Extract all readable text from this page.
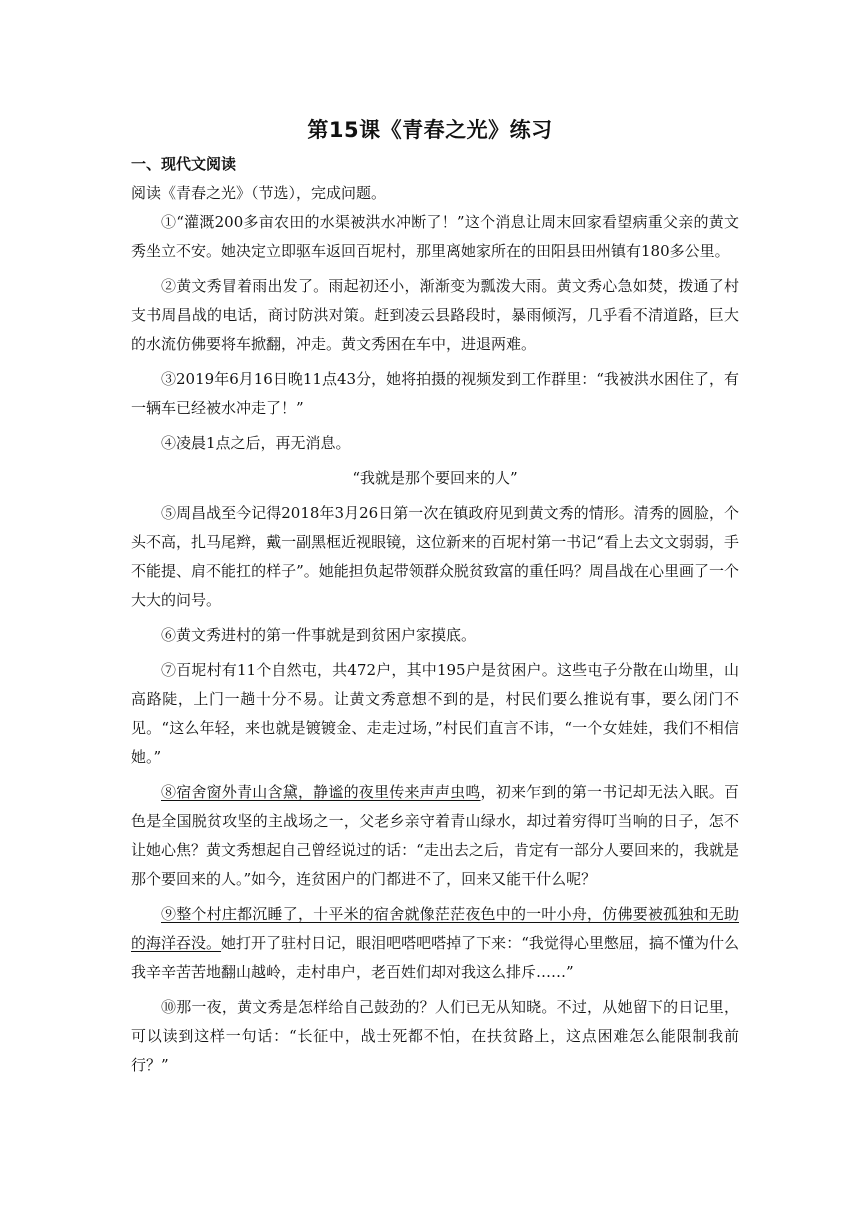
第15课《青春之光》练习
一、现代文阅读
阅读《青春之光》（节选），完成问题。

①“灌溉200多亩农田的水渠被洪水冲断了！”这个消息让周末回家看望病重父亲的黄文秀坐立不安。她决定立即驱车返回百坭村，那里离她家所在的田阳县田州镇有180多公里。

②黄文秀冒着雨出发了。雨起初还小，渐渐变为瓢泼大雨。黄文秀心急如焚，拨通了村支书周昌战的电话，商讨防洪对策。赶到凌云县路段时，暴雨倾泻，几乎看不清道路，巨大的水流仿佛要将车掀翻，冲走。黄文秀困在车中，进退两难。

③2019年6月16日晚11点43分，她将拍摄的视频发到工作群里：“我被洪水困住了，有一辆车已经被水冲走了！”

④凌晨1点之后，再无消息。

“我就是那个要回来的人”

⑤周昌战至今记得2018年3月26日第一次在镇政府见到黄文秀的情形。清秀的圆脸，个头不高，扎马尾辫，戴一副黑框近视眼镜，这位新来的百坭村第一书记“看上去文文弱弱，手不能提、肩不能扛的样子”。她能担负起带领群众脱贫致富的重任吗？周昌战在心里画了一个大大的问号。

⑥黄文秀进村的第一件事就是到贫困户家摸底。

⑦百坭村有11个自然屯，共472户，其中195户是贫困户。这些屯子分散在山坳里，山高路陡，上门一趟十分不易。让黄文秀意想不到的是，村民们要么推说有事，要么闭门不见。“这么年轻，来也就是镀镀金、走走过场，”村民们直言不讳，“一个女娃娃，我们不相信她。”

⑧宿舍窗外青山含黛，静谧的夜里传来声声虫鸣，初来乍到的第一书记却无法入眠。百色是全国脱贫攻坚的主战场之一，父老乡亲守着青山绿水，却过着穷得叮当响的日子，怎不让她心焦？黄文秀想起自己曾经说过的话：“走出去之后，肯定有一部分人要回来的，我就是那个要回来的人。”如今，连贫困户的门都进不了，回来又能干什么呢？

⑨整个村庄都沉睡了，十平米的宿舍就像茫茫夜色中的一叶小舟，仿佛要被孤独和无助的海洋吞没。她打开了驻村日记，眼泪吧嗒吧嗒掉了下来：“我觉得心里憋屈，搞不懂为什么我辛辛苦苦地翻山越岭，走村串户，老百姓们却对我这么排斥……”

⑩那一夜，黄文秀是怎样给自己鼓劲的？人们已无从知晓。不过，从她留下的日记里，可以读到这样一句话：“长征中，战士死都不怕，在扶贫路上，这点困难怎么能限制我前行？”
